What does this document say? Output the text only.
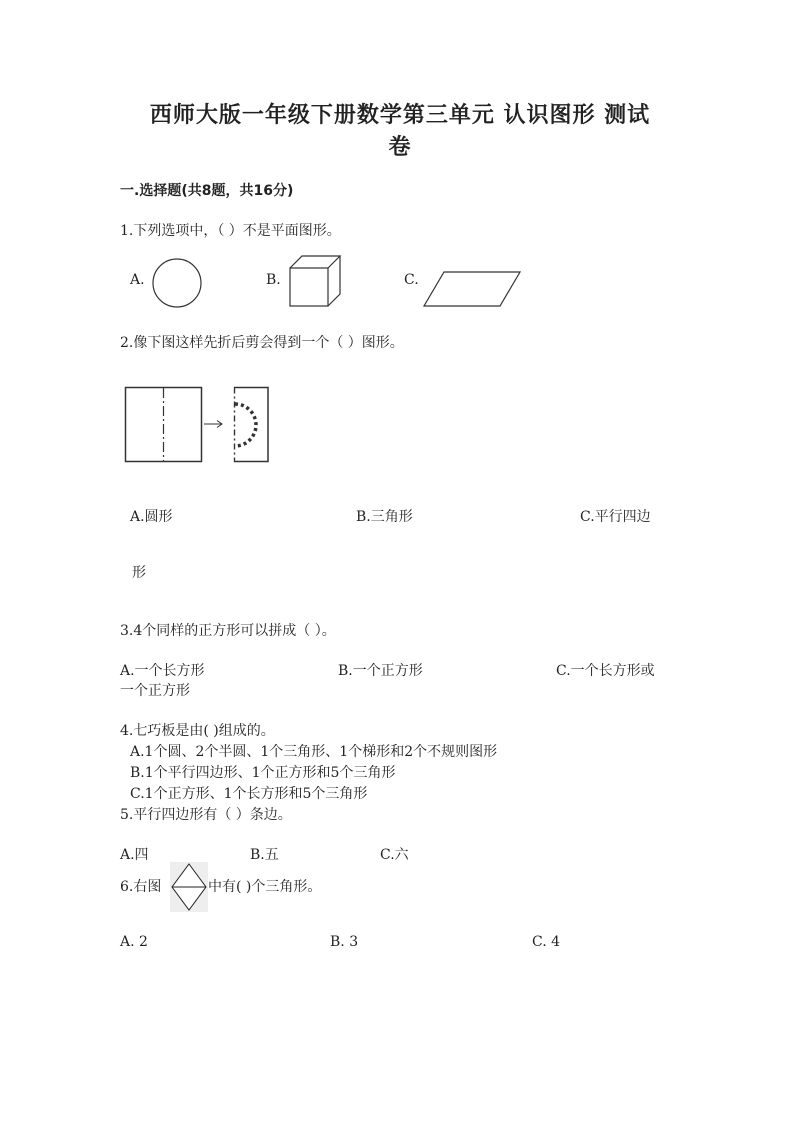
西师大版一年级下册数学第三单元 认识图形 测试
卷
一.选择题(共8题，共16分)
1.下列选项中，（ ）不是平面图形。
A.	B.	C.
2.像下图这样先折后剪会得到一个（ ）图形。
A.圆形	B.三角形	C.平行四边
形
3.4个同样的正方形可以拼成（ ）。
A.一个长方形	B.一个正方形	C.一个长方形或
一个正方形
4.七巧板是由( )组成的。
A.1个圆、2个半圆、1个三角形、1个梯形和2个不规则图形
B.1个平行四边形、1个正方形和5个三角形
C.1个正方形、1个长方形和5个三角形
5.平行四边形有（ ）条边。
A.四	B.五	C.六
6.右图	中有( )个三角形。
A. 2	B. 3	C. 4
